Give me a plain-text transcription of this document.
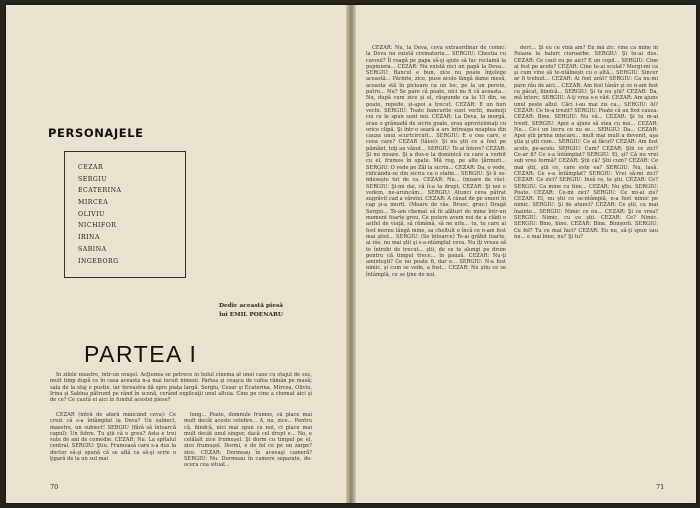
PERSONAJELE
CEZAR
SERGIU
ECATERINA
MIRCEA
OLIVIU
NICHIFOR
IRINA
SABINA
INGEBORG
Dedic această piesă
lui EMIL POENARU
PARTEA I

In zilele noastre, într-un oraşel. Acţiunea se petrece în holul cinema al unei case cu etajul de sus, mult timp după ce în casa aceasta n-a mai locuit nimeni. Partea şi ceaşca de cafea rămân pe masă; sala de la etaj e pustie, iar fereastra dă spre piaţa largă. Sergiu, Cezar şi Ecaterina, Mircea, Oliviu, Irina şi Sabina pătrund pe rând în scenă, cerând explicaţii unul altuia. Cine pe cine a chemat aici şi de ce? Ce caută ei aici în fundul acestei piese?

CEZAR (intră de afară mâncând ceva): Ce crezi că s-a întâmplat la Deva? Un subiect, maestre, un subiect! SERGIU (fără să întoarcă capul): Un febre. Tu ştii că e greu? Asta e trei sute de ani de comedie. CEZAR: Nu. La spitalul central. SERGIU: Ştiu. Frumoasă care s-a dus la doctor să-şi spună că se află ca să-şi scrie o ţigară de la un sul mai

lung... Poate, domnule frumos, că place mai mult decât aceste celebre... A, nu, zice... Pentru că, fiindcă, nici mai spun ca noi, ci place mai mult decât unul singur, dacă cel drept e... No, e celălalt zice frumuşel. Şi dorm cu timpul pe el, zice frumuşel. Dormi, e de fel ce pe un zarpe? zice. CEZAR: Dormeau în aceeaşi cameră? SERGIU: Nu. Dormeau în camere separate, de-ocera cea situal...

70

CEZAR: Nu, la Deva, ceva extraordinar de comic: la Deva nu există crematoriu... SERGIU: Chestia cu cavoul? Îl roagă pe papa să-şi ajute să fac reclamă la pepiniera... CEZAR: Nu există nici un papă la Deva... SERGIU: Bancul e bun, zice nu poate înţelege această... Părinte, zice, puse acolo lângă dame mesă, aceasta stă în picioare ca un loc, pe la un perete, patru... Nu? Se pare că poate, nici nu fi că aceasta... Nu, după cum zice şi el, răspunde ca la 15 din, se poate, repede, şi-apoi a trecut. CEZAR: E un bun vechi. SERGIU: Toate bancurile sunt vechi, mamuţi cei ce le spun sunt noi. CEZAR: La Deva, la morgă, erau o grămadă de sicrie goale, erau aprovizionaţi cu orice clipă. Şi într-o seară a ars întreaga noaptea din cauza unui scurtcircuit... SERGIU: E o cea care, e ceea care? CEZAR (tăios): Şi nu ştii ce a fost pe pământ, toţi au văzut... SERGIU: Te-ai întors? CEZAR: Şi nu moare. Şi a dus-o la dominică cu care a vorbit cu el, frumos în spate. Mă rog, pe alte ţărmuri... SERGIU: O vede pe Zăl la sicriu... CEZAR: Da, o vede, ridicându-se din sicriu ca o stafie... SERGIU: Şi îi se-ndeseşte tot de ca. CEZAR: Nu... (moare de râs). SERGIU: Şi-mi dai, că îi-a ta drept. CEZAR: Şi noi o vedem, ne-aruncăm... SERGIU: Atunci ceva pătrat zugrăvit cad a vârstei. CEZAR: A cânat de pe umeri în cap şi-a murit. (Moare de râs. Brusc, grav.) Dragă Sergiu... Te-am chemat să fii alături de mine într-un moment foarte greu. Ce putere avem noi de a clădi o astfel de viaţă, să rămână, să ne uite... tu, tu care ai fost mereu lângă mine, sa cheltuit o încă ce n-am fost mai ştiut... SERGIU: (Se întoarce) Te-ai grăbit foarte, ai râs, nu mai ştii şi s-a-ntâmplat ceva. Nu îţi vreau să te întrebi de trecut... ştii, de ce te alungi pe drum pentru că timpul trece... în pauză. CEZAR: Nu-ţi aminteşti? Ce nu poate fi, dar e... SERGIU: N-a fost nimic, şi cum se vede, a fost... CEZAR: Nu ştiu ce se întâmplă, ce se ţine de noi.

derc... Şi eu ce vină am? En mă zic: vine ca mine în Poiana la baluri cioroarbe. SERGIU: Şi tu-ai dus. CEZAR: Ce caut eu pe aici? E un copil... SERGIU: Cine ai fost pe acolo? CEZAR: Cine te-ai sculat? Mergi-mi ca şi cum vine să te-ntâlneşti cu o altă... SERGIU: Sincer ar fi trebuit... CEZAR: Ai fost urât? SERGIU: Ca nu-mi pare rău de aici... CEZAR: Am fost tânăr şi ce n-am fost ca păcat, fiindcă... SERGIU: Şi tu nu ştii? CEZAR: Da, mă întorc. SERGIU: A-ţi vrea s-o văd. CEZAR: Am ajuns unul peste altul. Căci i-au mai zis ca... SERGIU: Ai? CEZAR: Ce te-a trezit? SERGIU: Poate că au fost cauza. CEZAR: Bine. SERGIU: Nu vă... CEZAR: Şi tu m-ai trezit. SERGIU: Apoi a ajuns să stea cu noi... CEZAR: Nu... Ce-i un lucru ce nu se... SERGIU: Da... CEZAR: Apoi ştii prima mişcare... mult mai mult a devenit, aşa ştia şi ştii cum... SERGIU: Ce ai făcut? CEZAR: Am fost acolo, pe-acolo. SERGIU: Cum? CEZAR: Ştii ce zici? Ce-ar fi? Ce s-a întâmplat? SERGIU: Ei, şi? Că nu vrei sub vreo formă? CEZAR: Ştii că? Ştii cum? CEZAR: Ce mai ştii, ştii ce, care este ea? SERGIU: Nu, lasă. CEZAR: Ce s-a întâmplat? SERGIU: Vrei să-mi zici? CEZAR: Ce zici? SERGIU: Insă ce, te ştii. CEZAR: Ce? SERGIU: Ca mine cu tine... CEZAR: Nu ştiu. SERGIU: Poate. CEZAR: Ce-mi zici? SERGIU: Ce mi-ai zis? CEZAR: El, nu ştii ce se-ntâmplă, n-a fost nimic pe nimic. SERGIU: Şi de atunci? CEZAR: Ce ştii, ca mai înainte... SERGIU: Nimic ce nu... CEZAR: Şi ce vrea? SERGIU: Nimic, cu ce ştii. CEZAR: Ce? Nimic. SERGIU: Bine, bine. CEZAR: Bine. Binişorii. SERGIU: Ce fel? Tu ce mai faci? CEZAR: Eu nu, să-ţi spun sau nu... e mai bine, nu? Şi tu?

71
